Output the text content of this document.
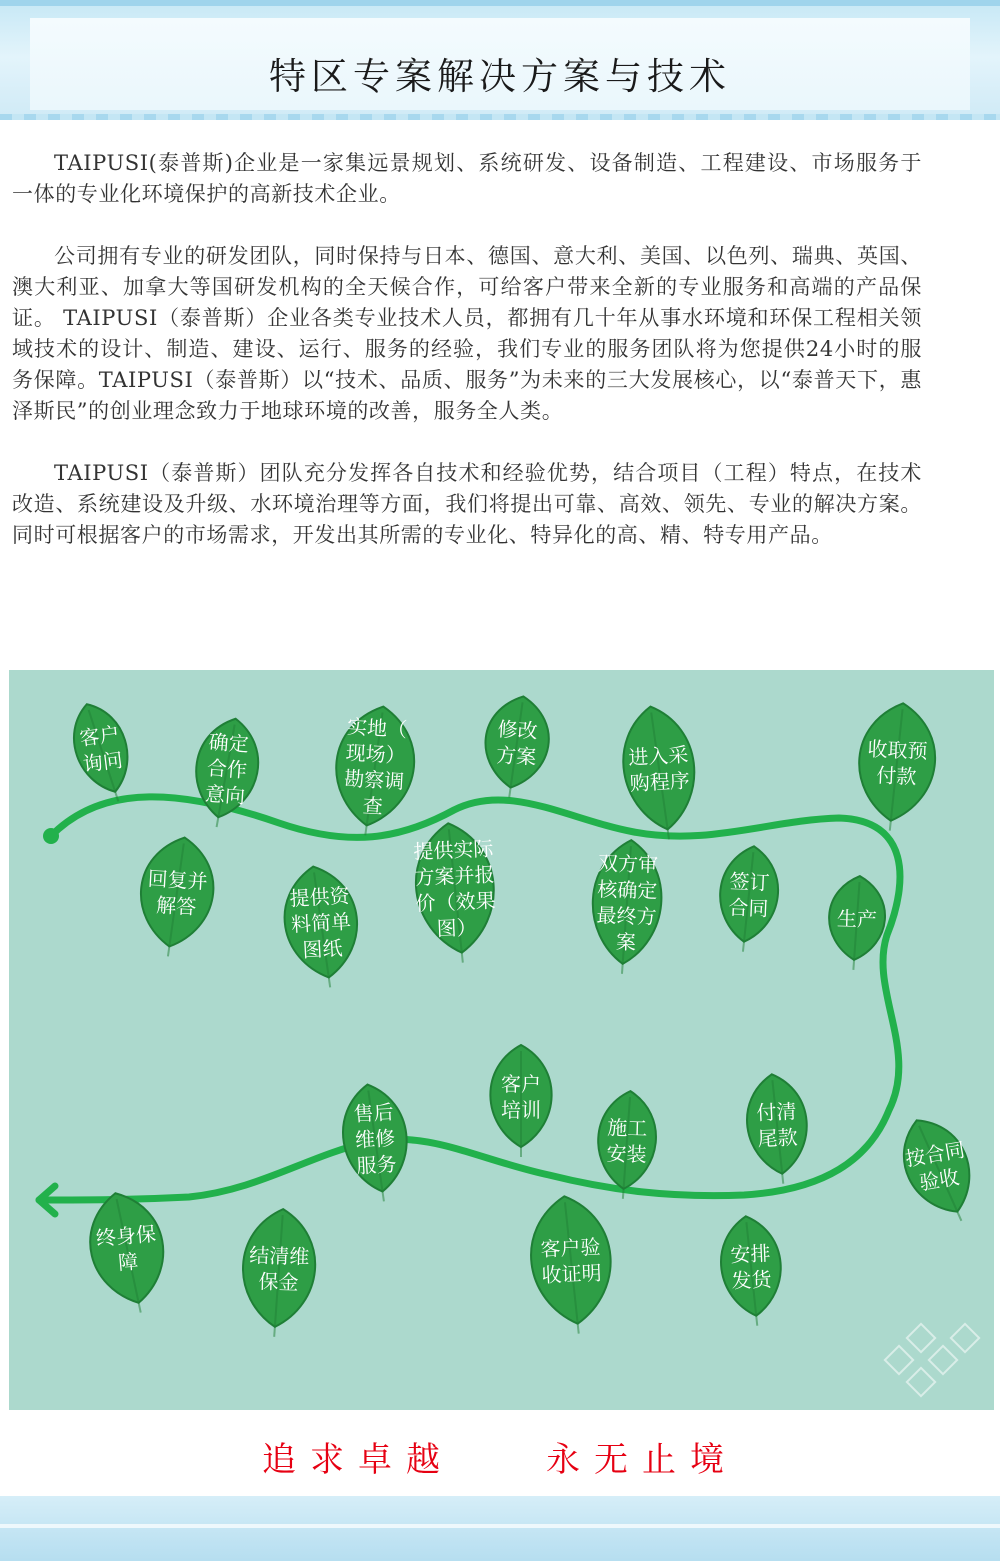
特区专案解决方案与技术

TAIPUSI(泰普斯)企业是一家集远景规划、系统研发、设备制造、工程建设、市场服务于一体的专业化环境保护的高新技术企业。

公司拥有专业的研发团队，同时保持与日本、德国、意大利、美国、以色列、瑞典、英国、澳大利亚、加拿大等国研发机构的全天候合作，可给客户带来全新的专业服务和高端的产品保证。 TAIPUSI（泰普斯）企业各类专业技术人员，都拥有几十年从事水环境和环保工程相关领域技术的设计、制造、建设、运行、服务的经验，我们专业的服务团队将为您提供24小时的服务保障。TAIPUSI（泰普斯）以“技术、品质、服务”为未来的三大发展核心，以“泰普天下，惠泽斯民”的创业理念致力于地球环境的改善，服务全人类。

TAIPUSI（泰普斯）团队充分发挥各自技术和经验优势，结合项目（工程）特点，在技术改造、系统建设及升级、水环境治理等方面，我们将提出可靠、高效、领先、专业的解决方案。同时可根据客户的市场需求，开发出其所需的专业化、特异化的高、精、特专用产品。

客户询问
回复并解答
确定合作意向
提供资料简单图纸
实地（现场）勘察调查
提供实际方案并报价（效果图）
修改方案
双方审核确定最终方案
进入采购程序
签订合同
收取预付款
生产
按合同验收
付清尾款
安排发货
施工安装
客户验收证明
客户培训
售后维修服务
结清维保金
终身保障
追求卓越	永无止境
